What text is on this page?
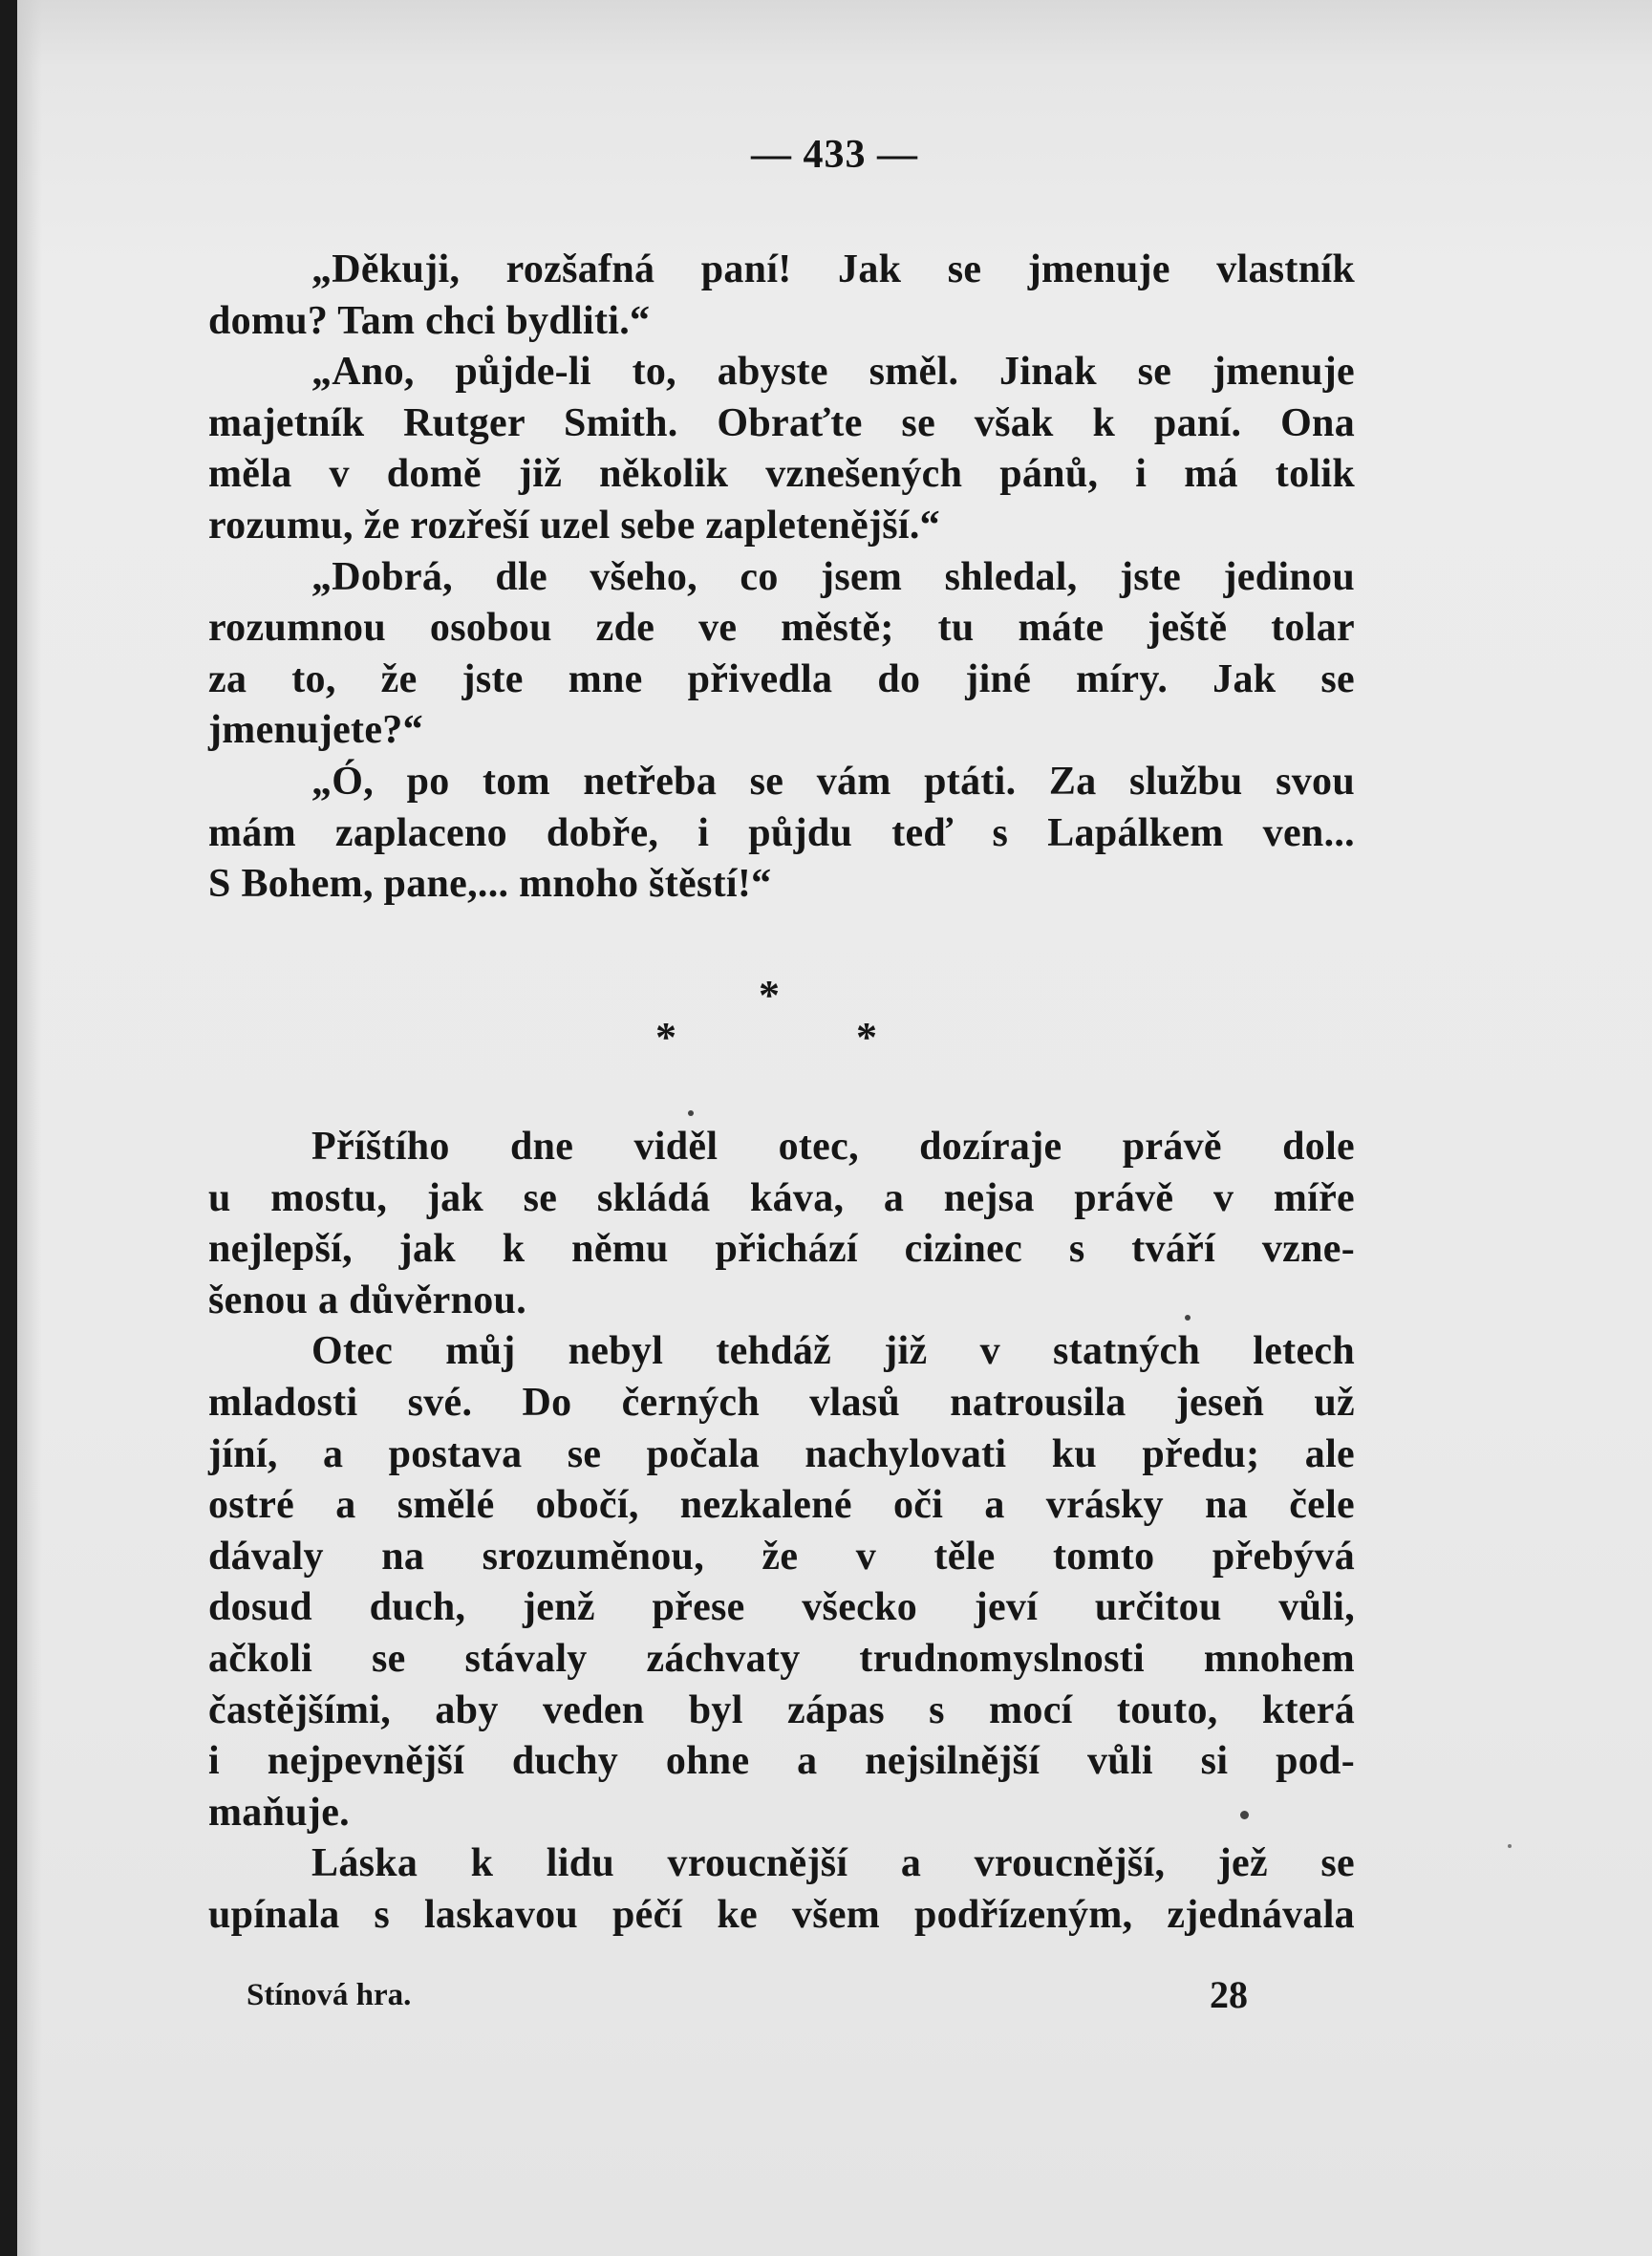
— 433 —
„Děkuji, rozšafná paní! Jak se jmenuje vlastník
domu? Tam chci bydliti.“
„Ano, půjde-li to, abyste směl. Jinak se jmenuje
majetník Rutger Smith. Obraťte se však k paní. Ona
měla v domě již několik vznešených pánů, i má tolik
rozumu, že rozřeší uzel sebe zapletenější.“
„Dobrá, dle všeho, co jsem shledal, jste jedinou
rozumnou osobou zde ve městě; tu máte ještě tolar
za to, že jste mne přivedla do jiné míry. Jak se
jmenujete?“
„Ó, po tom netřeba se vám ptáti. Za službu svou
mám zaplaceno dobře, i půjdu teď s Lapálkem ven...
S Bohem, pane,... mnoho štěstí!“
*
*	*
Příštího dne viděl otec, dozíraje právě dole
u mostu, jak se skládá káva, a nejsa právě v míře
nejlepší, jak k němu přichází cizinec s tváří vzne-
šenou a důvěrnou.
Otec můj nebyl tehdáž již v statných letech
mladosti své. Do černých vlasů natrousila jeseň už
jíní, a postava se počala nachylovati ku předu; ale
ostré a smělé obočí, nezkalené oči a vrásky na čele
dávaly na srozuměnou, že v těle tomto přebývá
dosud duch, jenž přese všecko jeví určitou vůli,
ačkoli se stávaly záchvaty trudnomyslnosti mnohem
častějšími, aby veden byl zápas s mocí touto, která
i nejpevnější duchy ohne a nejsilnější vůli si pod-
maňuje.
Láska k lidu vroucnější a vroucnější, jež se
upínala s laskavou péčí ke všem podřízeným, zjednávala
Stínová hra.	28
